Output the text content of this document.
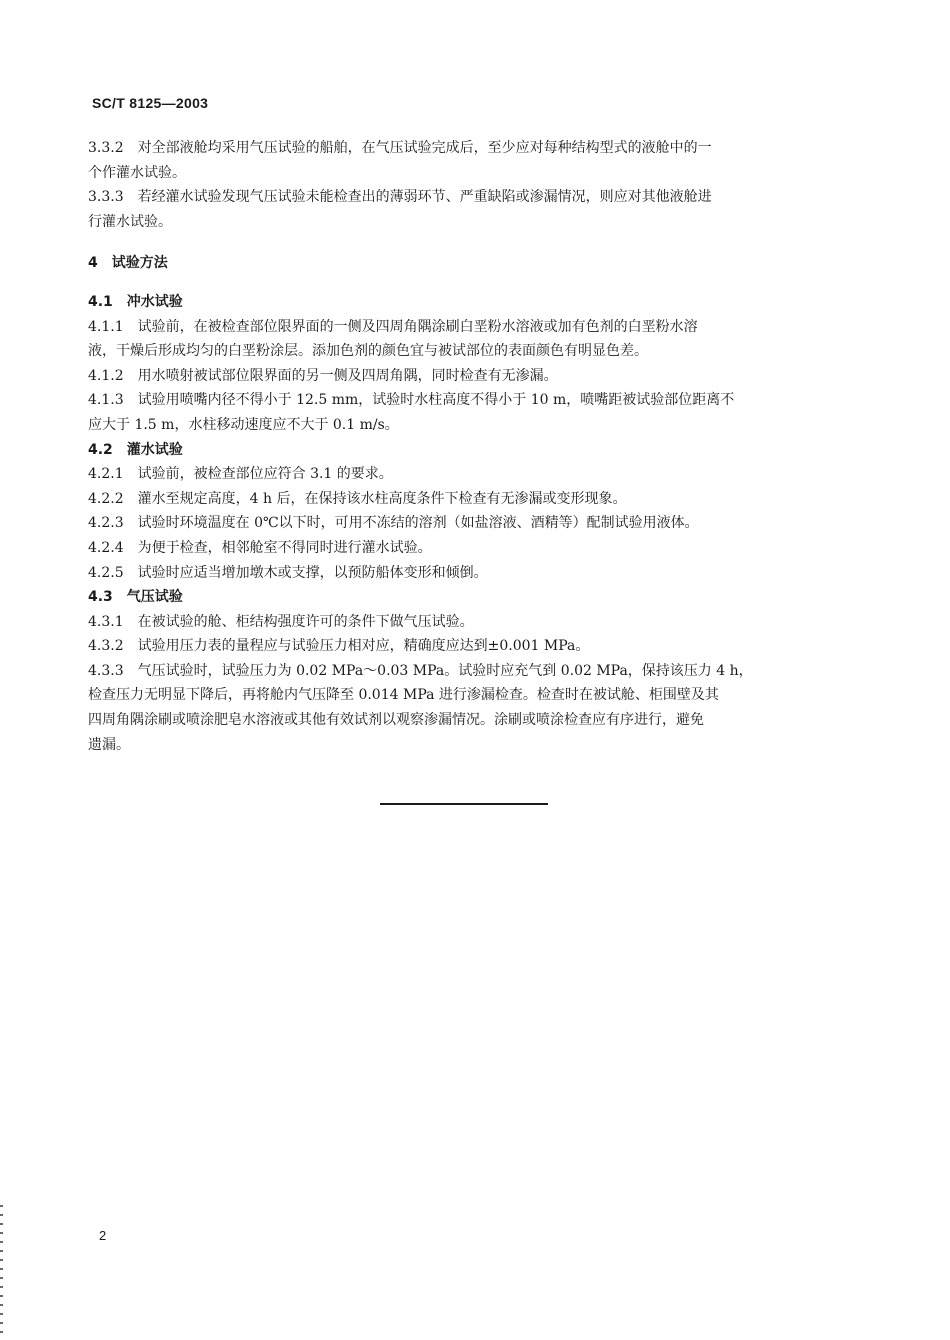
SC/T 8125—2003
3.3.2　对全部液舱均采用气压试验的船舶，在气压试验完成后，至少应对每种结构型式的液舱中的一
个作灌水试验。
3.3.3　若经灌水试验发现气压试验未能检查出的薄弱环节、严重缺陷或渗漏情况，则应对其他液舱进
行灌水试验。
4　试验方法
4.1　冲水试验
4.1.1　试验前，在被检查部位限界面的一侧及四周角隅涂刷白垩粉水溶液或加有色剂的白垩粉水溶
液，干燥后形成均匀的白垩粉涂层。添加色剂的颜色宜与被试部位的表面颜色有明显色差。
4.1.2　用水喷射被试部位限界面的另一侧及四周角隅，同时检查有无渗漏。
4.1.3　试验用喷嘴内径不得小于 12.5 mm，试验时水柱高度不得小于 10 m，喷嘴距被试验部位距离不
应大于 1.5 m，水柱移动速度应不大于 0.1 m/s。
4.2　灌水试验
4.2.1　试验前，被检查部位应符合 3.1 的要求。
4.2.2　灌水至规定高度，4 h 后，在保持该水柱高度条件下检查有无渗漏或变形现象。
4.2.3　试验时环境温度在 0℃以下时，可用不冻结的溶剂（如盐溶液、酒精等）配制试验用液体。
4.2.4　为便于检查，相邻舱室不得同时进行灌水试验。
4.2.5　试验时应适当增加墩木或支撑，以预防船体变形和倾倒。
4.3　气压试验
4.3.1　在被试验的舱、柜结构强度许可的条件下做气压试验。
4.3.2　试验用压力表的量程应与试验压力相对应，精确度应达到±0.001 MPa。
4.3.3　气压试验时，试验压力为 0.02 MPa～0.03 MPa。试验时应充气到 0.02 MPa，保持该压力 4 h，
检查压力无明显下降后，再将舱内气压降至 0.014 MPa 进行渗漏检查。检查时在被试舱、柜围壁及其
四周角隅涂刷或喷涂肥皂水溶液或其他有效试剂以观察渗漏情况。涂刷或喷涂检查应有序进行，避免
遗漏。
2
